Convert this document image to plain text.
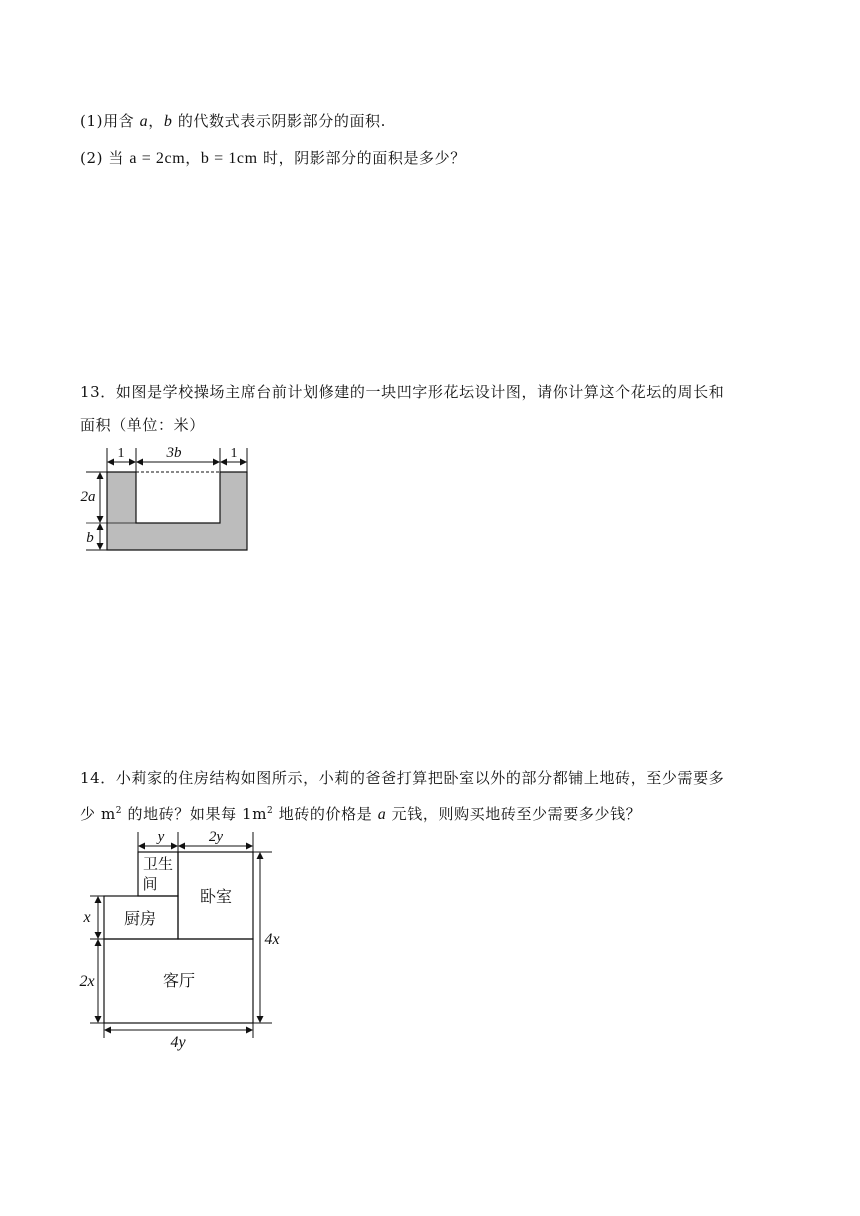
(1)用含 a，b 的代数式表示阴影部分的面积.
(2) 当 a = 2cm，b = 1cm 时，阴影部分的面积是多少？
13．如图是学校操场主席台前计划修建的一块凹字形花坛设计图，请你计算这个花坛的周长和
面积（单位：米）
1	3b	1
2a
b
14．小莉家的住房结构如图所示，小莉的爸爸打算把卧室以外的部分都铺上地砖，至少需要多
少 $m^2$ 的地砖？如果每 $1m^2$ 地砖的价格是 a 元钱，则购买地砖至少需要多少钱？
y	2y
卫生
间
卧室
厨房
客厅
x
2x
4x
4y
